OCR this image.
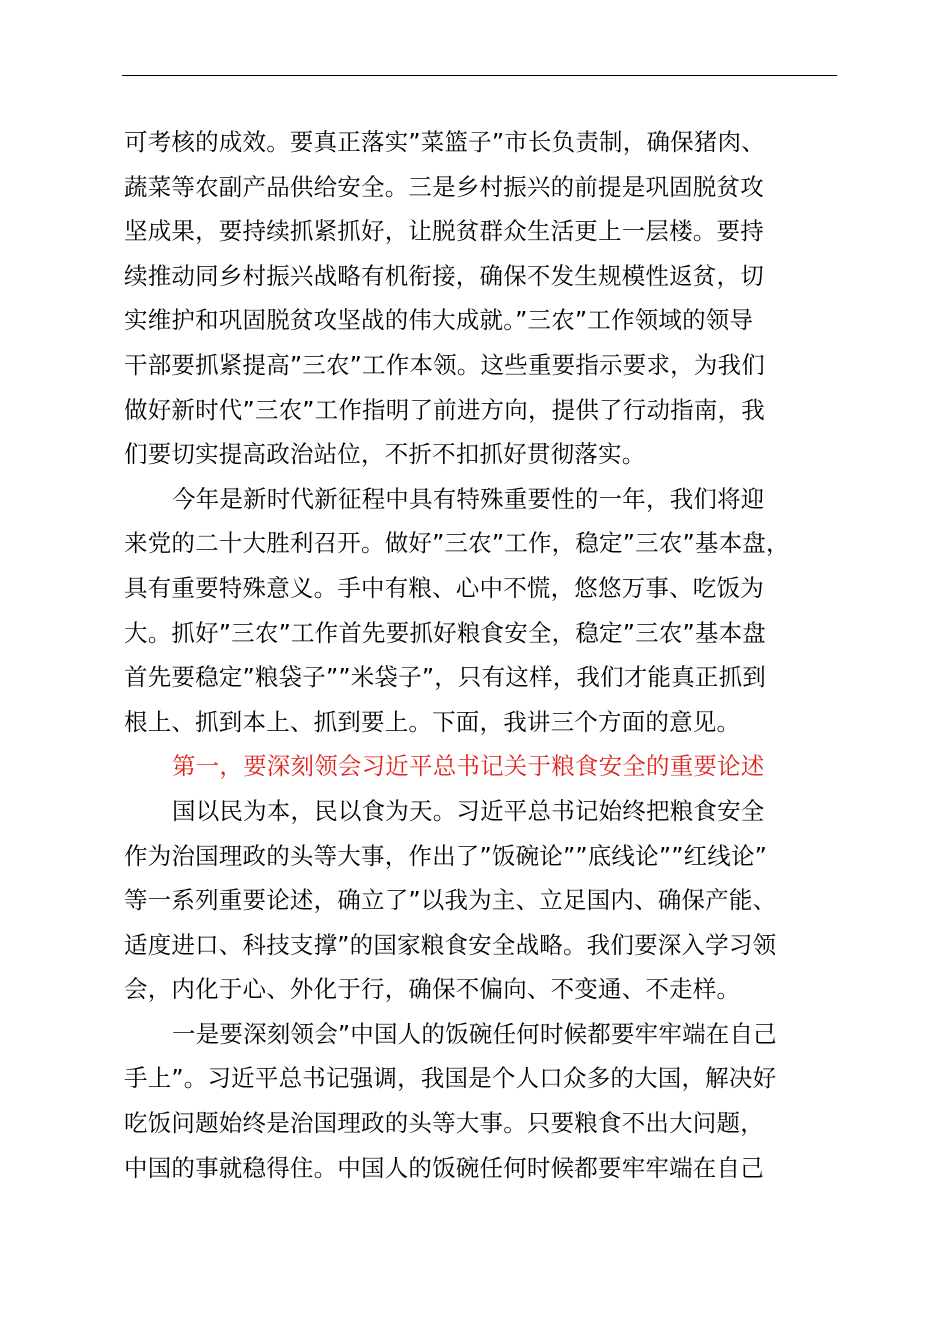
可考核的成效。要真正落实”菜篮子”市长负责制，确保猪肉、
蔬菜等农副产品供给安全。三是乡村振兴的前提是巩固脱贫攻
坚成果，要持续抓紧抓好，让脱贫群众生活更上一层楼。要持
续推动同乡村振兴战略有机衔接，确保不发生规模性返贫，切
实维护和巩固脱贫攻坚战的伟大成就。”三农”工作领域的领导
干部要抓紧提高”三农”工作本领。这些重要指示要求，为我们
做好新时代”三农”工作指明了前进方向，提供了行动指南，我
们要切实提高政治站位，不折不扣抓好贯彻落实。
今年是新时代新征程中具有特殊重要性的一年，我们将迎
来党的二十大胜利召开。做好”三农”工作，稳定”三农”基本盘，
具有重要特殊意义。手中有粮、心中不慌，悠悠万事、吃饭为
大。抓好”三农”工作首先要抓好粮食安全，稳定”三农”基本盘
首先要稳定”粮袋子””米袋子”，只有这样，我们才能真正抓到
根上、抓到本上、抓到要上。下面，我讲三个方面的意见。
第一，要深刻领会习近平总书记关于粮食安全的重要论述
国以民为本，民以食为天。习近平总书记始终把粮食安全
作为治国理政的头等大事，作出了”饭碗论””底线论””红线论”
等一系列重要论述，确立了”以我为主、立足国内、确保产能、
适度进口、科技支撑”的国家粮食安全战略。我们要深入学习领
会，内化于心、外化于行，确保不偏向、不变通、不走样。
一是要深刻领会”中国人的饭碗任何时候都要牢牢端在自己
手上”。习近平总书记强调，我国是个人口众多的大国，解决好
吃饭问题始终是治国理政的头等大事。只要粮食不出大问题，
中国的事就稳得住。中国人的饭碗任何时候都要牢牢端在自己
